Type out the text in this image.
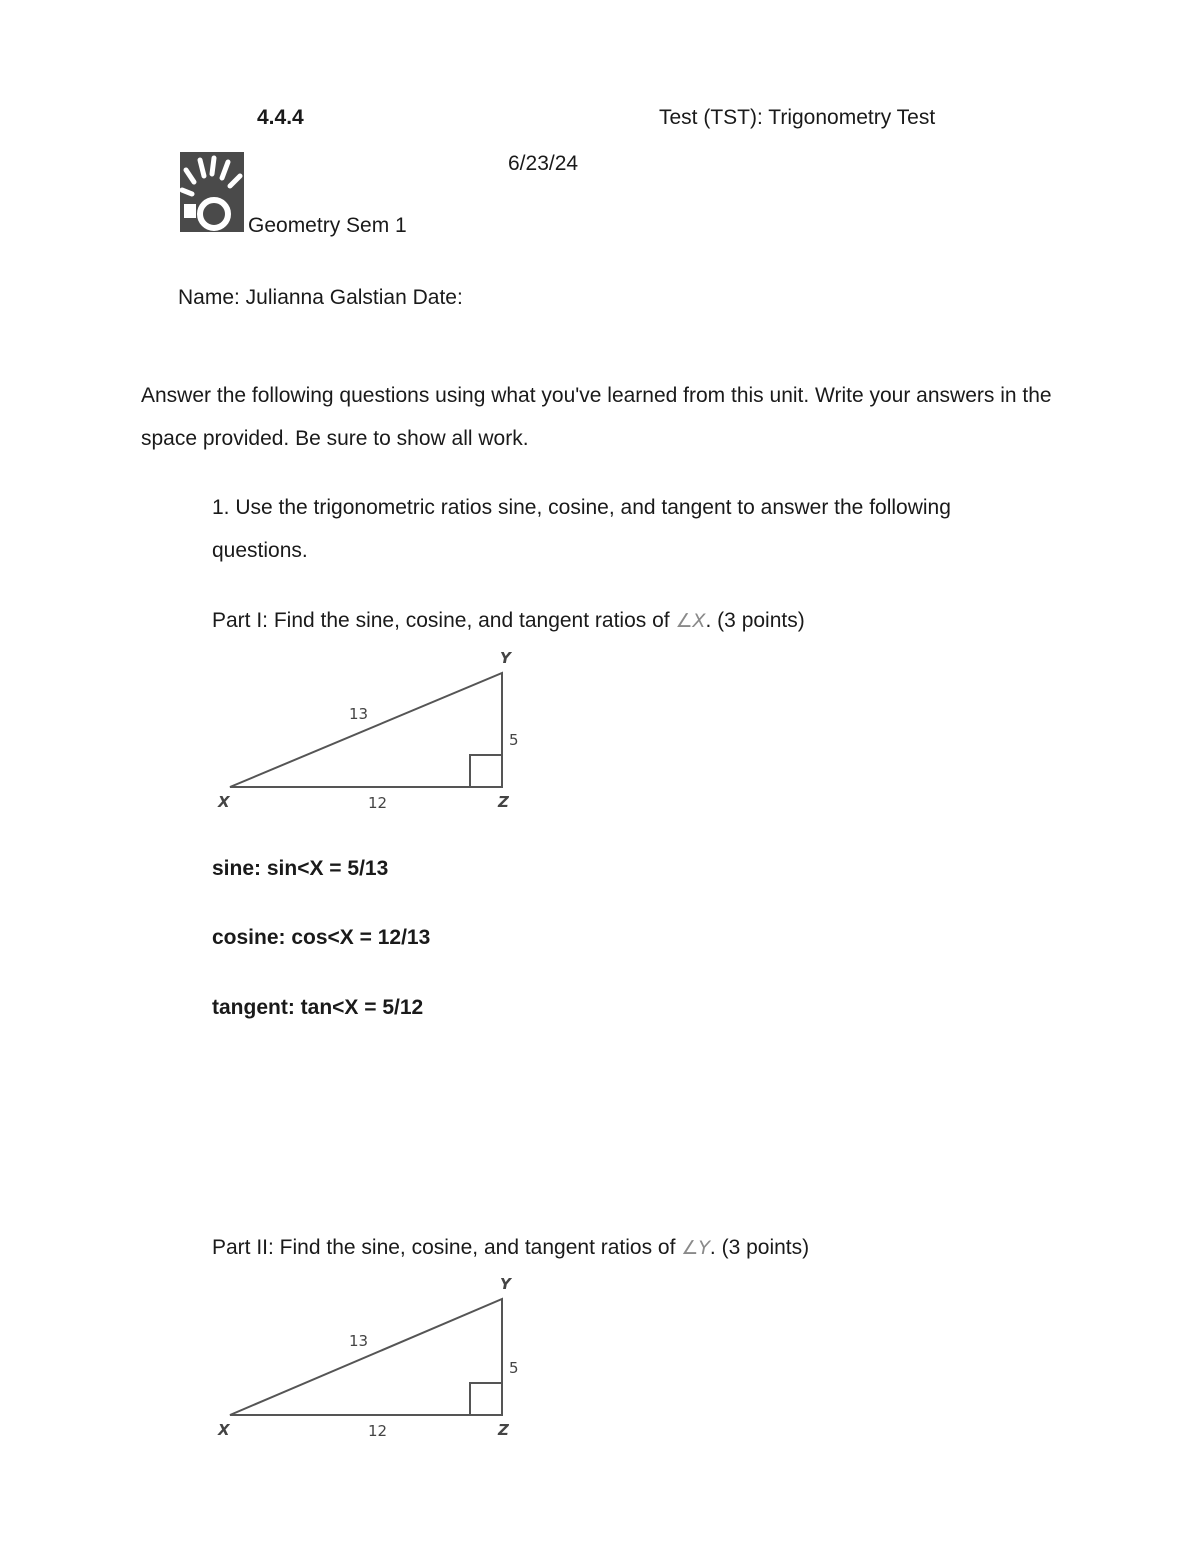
4.4.4	Test (TST): Trigonometry Test
6/23/24
Geometry Sem 1
Name: Julianna Galstian Date:
Answer the following questions using what you've learned from this unit. Write your answers in the space provided. Be sure to show all work.
1. Use the trigonometric ratios sine, cosine, and tangent to answer the following questions.
Part I: Find the sine, cosine, and tangent ratios of ∠X. (3 points)
Y
X	Z
13
5
12
sine: sin<X = 5/13
cosine: cos<X = 12/13
tangent: tan<X = 5/12
Part II: Find the sine, cosine, and tangent ratios of ∠Y. (3 points)
Y
X	Z
13
5
12
